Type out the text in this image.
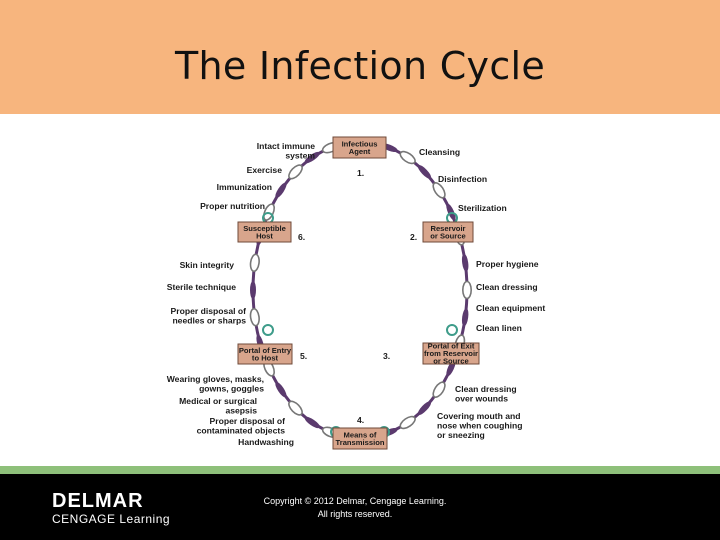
The Infection Cycle
Infectious
Agent
1.
Reservoir
or Source
2.
Portal of Exit
from Reservoir
or Source
3.
Means of
Transmission
4.
Portal of Entry
to Host	5.
Susceptible
Host	6.
Intact immune
system
Exercise
Immunization
Proper nutrition
Cleansing
Disinfection
Sterilization
Skin integrity
Sterile technique
Proper disposal of
needles or sharps
Proper hygiene
Clean dressing
Clean equipment
Clean linen
Wearing gloves, masks,
gowns, goggles
Medical or surgical
asepsis
Proper disposal of
contaminated objects
Handwashing
Clean dressing
over wounds
Covering mouth and
nose when coughing
or sneezing
DELMAR
CENGAGE Learning
Copyright © 2012 Delmar, Cengage Learning.
All rights reserved.
